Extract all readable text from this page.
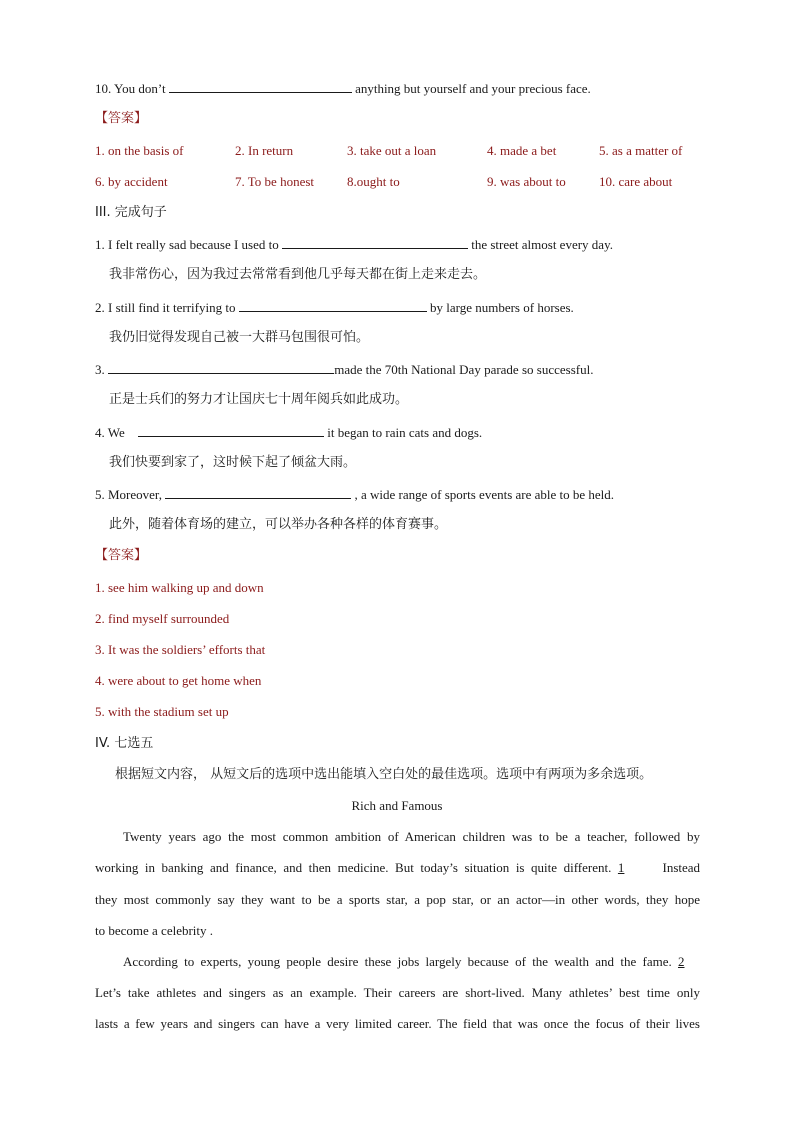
10. You don’t	anything but yourself and your precious face.
【答案】
1. on the basis of	2. In return	3. take out a loan	4. made a bet	5. as a matter of
6. by accident	7. To be honest	8.ought to	9. was about to	10. care about
III. 完成句子
1. I felt really sad because I used to	the street almost every day.
我非常伤心，因为我过去常常看到他几乎每天都在街上走来走去。
2. I still find it terrifying to	by large numbers of horses.
我仍旧觉得发现自己被一大群马包围很可怕。
3.	made the 70th National Day parade so successful.
正是士兵们的努力才让国庆七十周年阅兵如此成功。
4. We	it began to rain cats and dogs.
我们快要到家了，这时候下起了倾盆大雨。
5. Moreover,	, a wide range of sports events are able to be held.
此外，随着体育场的建立，可以举办各种各样的体育赛事。
【答案】
1. see him walking up and down
2. find myself surrounded
3. It was the soldiers’ efforts that
4. were about to get home when
5. with the stadium set up
IV. 七选五
根据短文内容， 从短文后的选项中选出能填入空白处的最佳选项。选项中有两项为多余选项。
Rich and Famous
Twenty years ago the most common ambition of American children was to be a teacher, followed by
working in banking and finance, and then medicine. But today’s situation is quite different. 1	Instead
they most commonly say they want to be a sports star, a pop star, or an actor—in other words, they hope
to become a celebrity .
According to experts, young people desire these jobs largely because of the wealth and the fame. 2
Let’s take athletes and singers as an example. Their careers are short-lived. Many athletes’ best time only
lasts a few years and singers can have a very limited career. The field that was once the focus of their lives
